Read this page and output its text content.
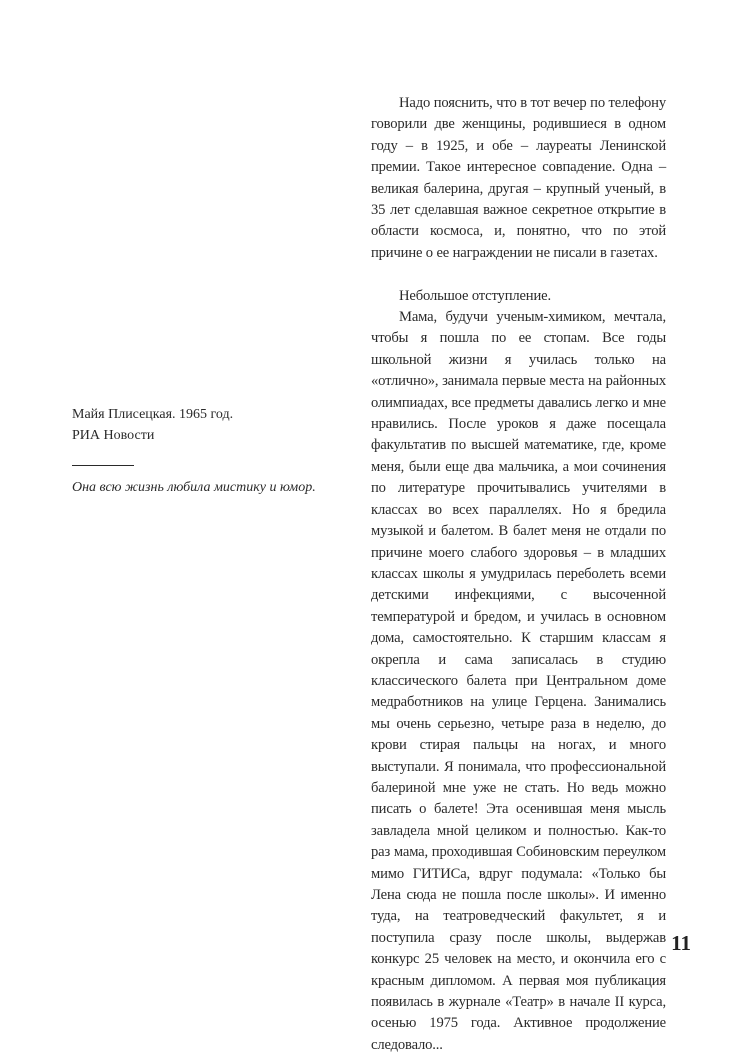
Майя Плисецкая. 1965 год.

РИА Новости

Она всю жизнь любила мистику и юмор.

Надо пояснить, что в тот вечер по телефону говорили две женщины, родившиеся в одном году – в 1925, и обе – лауреаты Ленинской премии. Такое интересное совпадение. Одна – великая балерина, другая – крупный ученый, в 35 лет сделавшая важное секретное открытие в области космоса, и, понятно, что по этой причине о ее награждении не писали в газетах.

Небольшое отступление.

Мама, будучи ученым-химиком, мечтала, чтобы я пошла по ее стопам. Все годы школьной жизни я училась только на «отлично», занимала первые места на районных олимпиадах, все предметы давались легко и мне нравились. После уроков я даже посещала факультатив по высшей математике, где, кроме меня, были еще два мальчика, а мои сочинения по литературе прочитывались учителями в классах во всех параллелях. Но я бредила музыкой и балетом. В балет меня не отдали по причине моего слабого здоровья – в младших классах школы я умудрилась переболеть всеми детскими инфекциями, с высоченной температурой и бредом, и училась в основном дома, самостоятельно. К старшим классам я окрепла и сама записалась в студию классического балета при Центральном доме медработников на улице Герцена. Занимались мы очень серьезно, четыре раза в неделю, до крови стирая пальцы на ногах, и много выступали. Я понимала, что профессиональной балериной мне уже не стать. Но ведь можно писать о балете! Эта осенившая меня мысль завладела мной целиком и полностью. Как-то раз мама, проходившая Собиновским переулком мимо ГИТИСа, вдруг подумала: «Только бы Лена сюда не пошла после школы». И именно туда, на театроведческий факультет, я и поступила сразу после школы, выдержав конкурс 25 человек на место, и окончила его с красным дипломом. А первая моя публикация появилась в журнале «Театр» в начале II курса, осенью 1975 года. Активное продолжение следовало...

11
